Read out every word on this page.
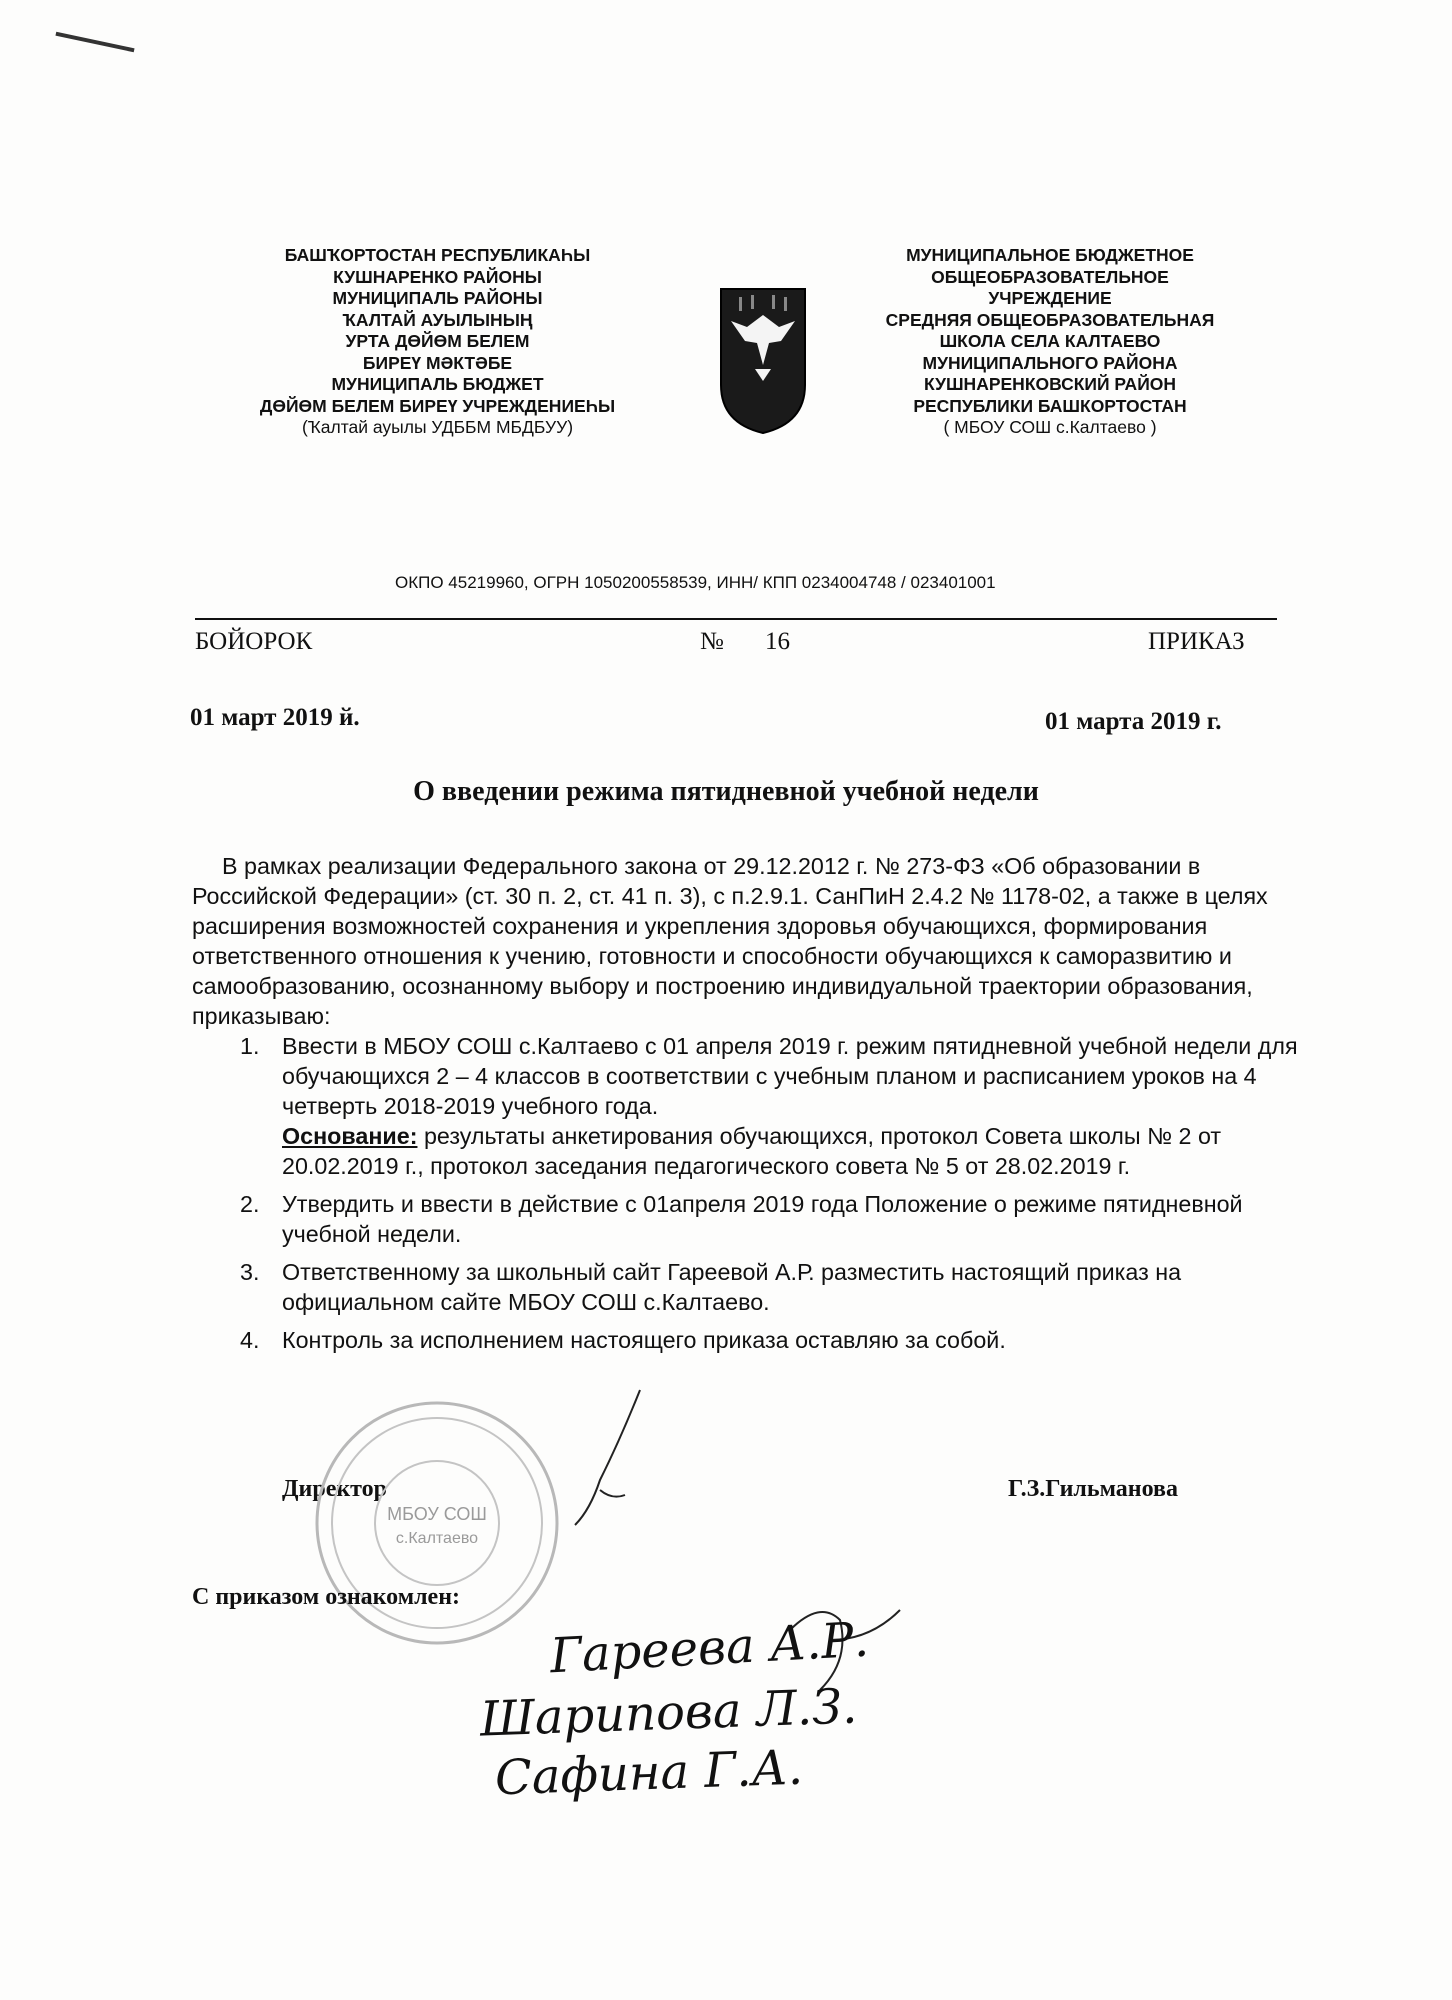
БАШҠОРТОСТАН РЕСПУБЛИКАҺЫ
КУШНАРЕНКО РАЙОНЫ
МУНИЦИПАЛЬ РАЙОНЫ
ҠАЛТАЙ АУЫЛЫНЫҢ
УРТА ДӨЙӨМ БЕЛЕМ
БИРЕҮ МӘКТӘБЕ
МУНИЦИПАЛЬ БЮДЖЕТ
ДӨЙӨМ БЕЛЕМ БИРЕҮ УЧРЕЖДЕНИЕҺЫ
(Ҡалтай ауылы УДББМ МБДБУУ)
МУНИЦИПАЛЬНОЕ БЮДЖЕТНОЕ
ОБЩЕОБРАЗОВАТЕЛЬНОЕ
УЧРЕЖДЕНИЕ
СРЕДНЯЯ ОБЩЕОБРАЗОВАТЕЛЬНАЯ
ШКОЛА СЕЛА КАЛТАЕВО
МУНИЦИПАЛЬНОГО РАЙОНА
КУШНАРЕНКОВСКИЙ РАЙОН
РЕСПУБЛИКИ БАШКОРТОСТАН
( МБОУ СОШ с.Калтаево )
ОКПО 45219960, ОГРН 1050200558539, ИНН/ КПП 0234004748 / 023401001
БОЙОРОК	№ 16	ПРИКАЗ
01 март 2019 й.	01 марта 2019 г.
О введении режима пятидневной учебной недели

В рамках реализации Федерального закона от 29.12.2012 г. № 273-ФЗ «Об образовании в Российской Федерации» (ст. 30 п. 2, ст. 41 п. 3), с п.2.9.1. СанПиН 2.4.2 № 1178-02, а также в целях расширения возможностей сохранения и укрепления здоровья обучающихся, формирования ответственного отношения к учению, готовности и способности обучающихся к саморазвитию и самообразованию, осознанному выбору и построению индивидуальной траектории образования, приказываю:

1. Ввести в МБОУ СОШ с.Калтаево с 01 апреля 2019 г. режим пятидневной учебной недели для обучающихся 2 – 4 классов в соответствии с учебным планом и расписанием уроков на 4 четверть 2018-2019 учебного года.
Основание: результаты анкетирования обучающихся, протокол Совета школы № 2 от 20.02.2019 г., протокол заседания педагогического совета № 5 от 28.02.2019 г.
2. Утвердить и ввести в действие с 01апреля 2019 года Положение о режиме пятидневной учебной недели.
3. Ответственному за школьный сайт Гареевой А.Р. разместить настоящий приказ на официальном сайте МБОУ СОШ с.Калтаево.
4. Контроль за исполнением настоящего приказа оставляю за собой.
Директор	Г.З.Гильманова
МБОУ СОШ
с.Калтаево
С приказом ознакомлен:
Гареева А.Р.
Шарипова Л.З.
Сафина Г.А.
